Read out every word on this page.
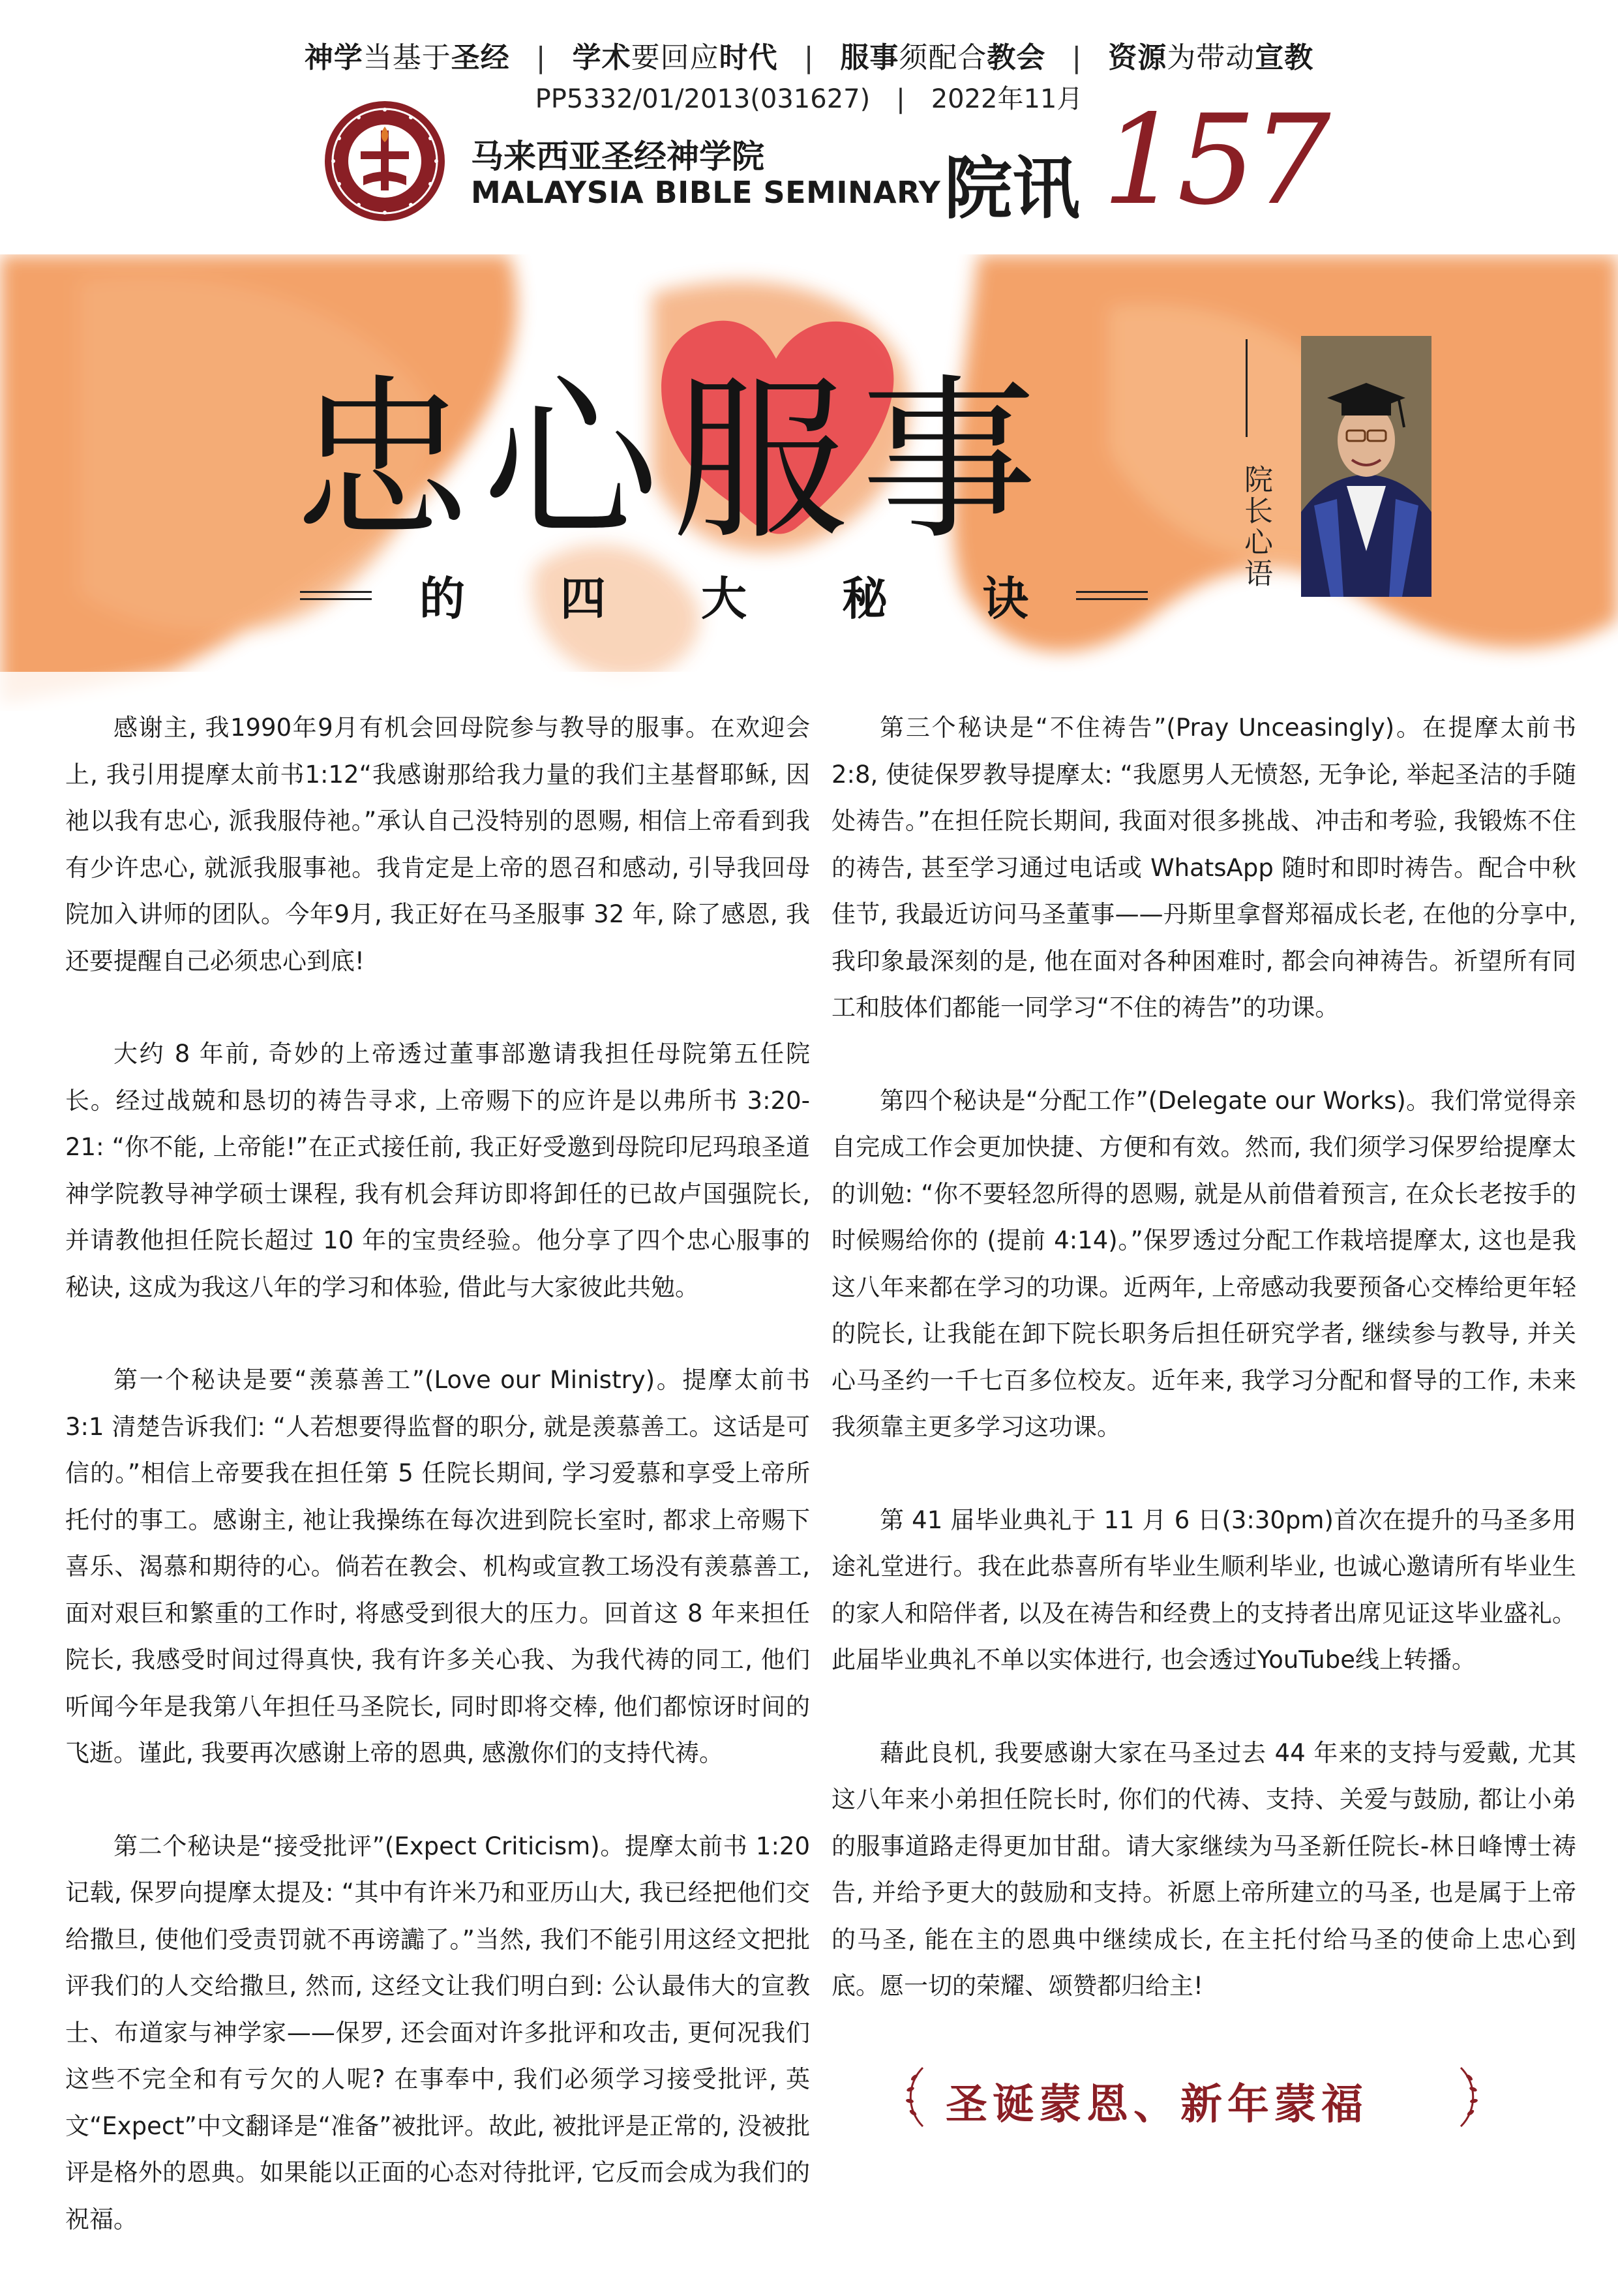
神学当基于圣经 | 学术要回应时代 | 服事须配合教会 | 资源为带动宣教
PP5332/01/2013(031627) | 2022年11月
马来西亚圣经神学院
MALAYSIA BIBLE SEMINARY 院讯 157
忠心服事
的 四 大 秘 诀
院长心语

感谢主, 我1990年9月有机会回母院参与教导的服事。在欢迎会上, 我引用提摩太前书1:12“我感谢那给我力量的我们主基督耶稣, 因祂以我有忠心, 派我服侍祂。”承认自己没特别的恩赐, 相信上帝看到我有少许忠心, 就派我服事祂。我肯定是上帝的恩召和感动, 引导我回母院加入讲师的团队。今年9月, 我正好在马圣服事 32 年, 除了感恩, 我还要提醒自己必须忠心到底!

大约 8 年前, 奇妙的上帝透过董事部邀请我担任母院第五任院长。经过战兢和恳切的祷告寻求, 上帝赐下的应许是以弗所书 3:20-21: “你不能, 上帝能!”在正式接任前, 我正好受邀到母院印尼玛琅圣道神学院教导神学硕士课程, 我有机会拜访即将卸任的已故卢国强院长, 并请教他担任院长超过 10 年的宝贵经验。他分享了四个忠心服事的秘诀, 这成为我这八年的学习和体验, 借此与大家彼此共勉。

第一个秘诀是要“羡慕善工”(Love our Ministry)。提摩太前书 3:1 清楚告诉我们: “人若想要得监督的职分, 就是羡慕善工。这话是可信的。”相信上帝要我在担任第 5 任院长期间, 学习爱慕和享受上帝所托付的事工。感谢主, 祂让我操练在每次进到院长室时, 都求上帝赐下喜乐、渴慕和期待的心。倘若在教会、机构或宣教工场没有羡慕善工, 面对艰巨和繁重的工作时, 将感受到很大的压力。回首这 8 年来担任院长, 我感受时间过得真快, 我有许多关心我、为我代祷的同工, 他们听闻今年是我第八年担任马圣院长, 同时即将交棒, 他们都惊讶时间的飞逝。谨此, 我要再次感谢上帝的恩典, 感激你们的支持代祷。

第二个秘诀是“接受批评”(Expect Criticism)。提摩太前书 1:20 记载, 保罗向提摩太提及: “其中有许米乃和亚历山大, 我已经把他们交给撒旦, 使他们受责罚就不再谤讟了。”当然, 我们不能引用这经文把批评我们的人交给撒旦, 然而, 这经文让我们明白到: 公认最伟大的宣教士、布道家与神学家——保罗, 还会面对许多批评和攻击, 更何况我们这些不完全和有亏欠的人呢? 在事奉中, 我们必须学习接受批评, 英文“Expect”中文翻译是“准备”被批评。故此, 被批评是正常的, 没被批评是格外的恩典。如果能以正面的心态对待批评, 它反而会成为我们的祝福。

第三个秘诀是“不住祷告”(Pray Unceasingly)。在提摩太前书 2:8, 使徒保罗教导提摩太: “我愿男人无愤怒, 无争论, 举起圣洁的手随处祷告。”在担任院长期间, 我面对很多挑战、冲击和考验, 我锻炼不住的祷告, 甚至学习通过电话或 WhatsApp 随时和即时祷告。配合中秋佳节, 我最近访问马圣董事——丹斯里拿督郑福成长老, 在他的分享中, 我印象最深刻的是, 他在面对各种困难时, 都会向神祷告。祈望所有同工和肢体们都能一同学习“不住的祷告”的功课。

第四个秘诀是“分配工作”(Delegate our Works)。我们常觉得亲自完成工作会更加快捷、方便和有效。然而, 我们须学习保罗给提摩太的训勉: “你不要轻忽所得的恩赐, 就是从前借着预言, 在众长老按手的时候赐给你的 (提前 4:14)。”保罗透过分配工作栽培提摩太, 这也是我这八年来都在学习的功课。近两年, 上帝感动我要预备心交棒给更年轻的院长, 让我能在卸下院长职务后担任研究学者, 继续参与教导, 并关心马圣约一千七百多位校友。近年来, 我学习分配和督导的工作, 未来我须靠主更多学习这功课。

第 41 届毕业典礼于 11 月 6 日(3:30pm)首次在提升的马圣多用途礼堂进行。我在此恭喜所有毕业生顺利毕业, 也诚心邀请所有毕业生的家人和陪伴者, 以及在祷告和经费上的支持者出席见证这毕业盛礼。此届毕业典礼不单以实体进行, 也会透过YouTube线上转播。

藉此良机, 我要感谢大家在马圣过去 44 年来的支持与爱戴, 尤其这八年来小弟担任院长时, 你们的代祷、支持、关爱与鼓励, 都让小弟的服事道路走得更加甘甜。请大家继续为马圣新任院长-林日峰博士祷告, 并给予更大的鼓励和支持。祈愿上帝所建立的马圣, 也是属于上帝的马圣, 能在主的恩典中继续成长, 在主托付给马圣的使命上忠心到底。愿一切的荣耀、颂赞都归给主!

圣诞蒙恩、新年蒙福
